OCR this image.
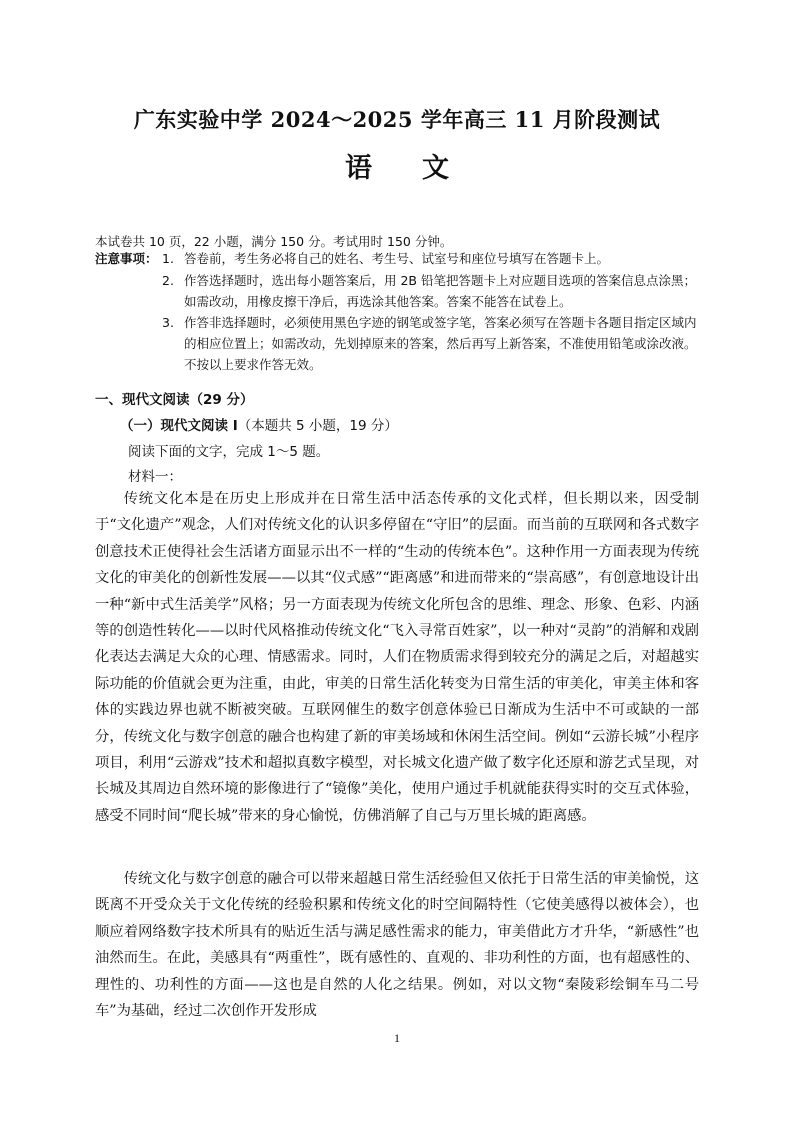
广东实验中学 2024～2025 学年高三 11 月阶段测试
语文
本试卷共 10 页，22 小题，满分 150 分。考试用时 150 分钟。
注意事项： 1. 答卷前，考生务必将自己的姓名、考生号、试室号和座位号填写在答题卡上。
2. 作答选择题时，选出每小题答案后，用 2B 铅笔把答题卡上对应题目选项的答案信息点涂黑；如需改动，用橡皮擦干净后，再选涂其他答案。答案不能答在试卷上。
3. 作答非选择题时，必须使用黑色字迹的钢笔或签字笔，答案必须写在答题卡各题目指定区域内的相应位置上；如需改动，先划掉原来的答案，然后再写上新答案，不准使用铅笔或涂改液。不按以上要求作答无效。
一、现代文阅读（29 分）
（一）现代文阅读 I（本题共 5 小题，19 分）
阅读下面的文字，完成 1～5 题。
材料一：

传统文化本是在历史上形成并在日常生活中活态传承的文化式样，但长期以来，因受制于“文化遗产”观念，人们对传统文化的认识多停留在“守旧”的层面。而当前的互联网和各式数字创意技术正使得社会生活诸方面显示出不一样的“生动的传统本色”。这种作用一方面表现为传统文化的审美化的创新性发展——以其“仪式感”“距离感”和进而带来的“崇高感”，有创意地设计出一种“新中式生活美学”风格；另一方面表现为传统文化所包含的思维、理念、形象、色彩、内涵等的创造性转化——以时代风格推动传统文化“飞入寻常百姓家”，以一种对“灵韵”的消解和戏剧化表达去满足大众的心理、情感需求。同时，人们在物质需求得到较充分的满足之后，对超越实际功能的价值就会更为注重，由此，审美的日常生活化转变为日常生活的审美化，审美主体和客体的实践边界也就不断被突破。互联网催生的数字创意体验已日渐成为生活中不可或缺的一部分，传统文化与数字创意的融合也构建了新的审美场域和休闲生活空间。例如“云游长城”小程序项目，利用“云游戏”技术和超拟真数字模型，对长城文化遗产做了数字化还原和游艺式呈现，对长城及其周边自然环境的影像进行了“镜像”美化，使用户通过手机就能获得实时的交互式体验，感受不同时间“爬长城”带来的身心愉悦，仿佛消解了自己与万里长城的距离感。

传统文化与数字创意的融合可以带来超越日常生活经验但又依托于日常生活的审美愉悦，这既离不开受众关于文化传统的经验积累和传统文化的时空间隔特性（它使美感得以被体会），也顺应着网络数字技术所具有的贴近生活与满足感性需求的能力，审美借此方才升华，“新感性”也油然而生。在此，美感具有“两重性”，既有感性的、直观的、非功利性的方面，也有超感性的、理性的、功利性的方面——这也是自然的人化之结果。例如，对以文物“秦陵彩绘铜车马二号车”为基础，经过二次创作开发形成

1
